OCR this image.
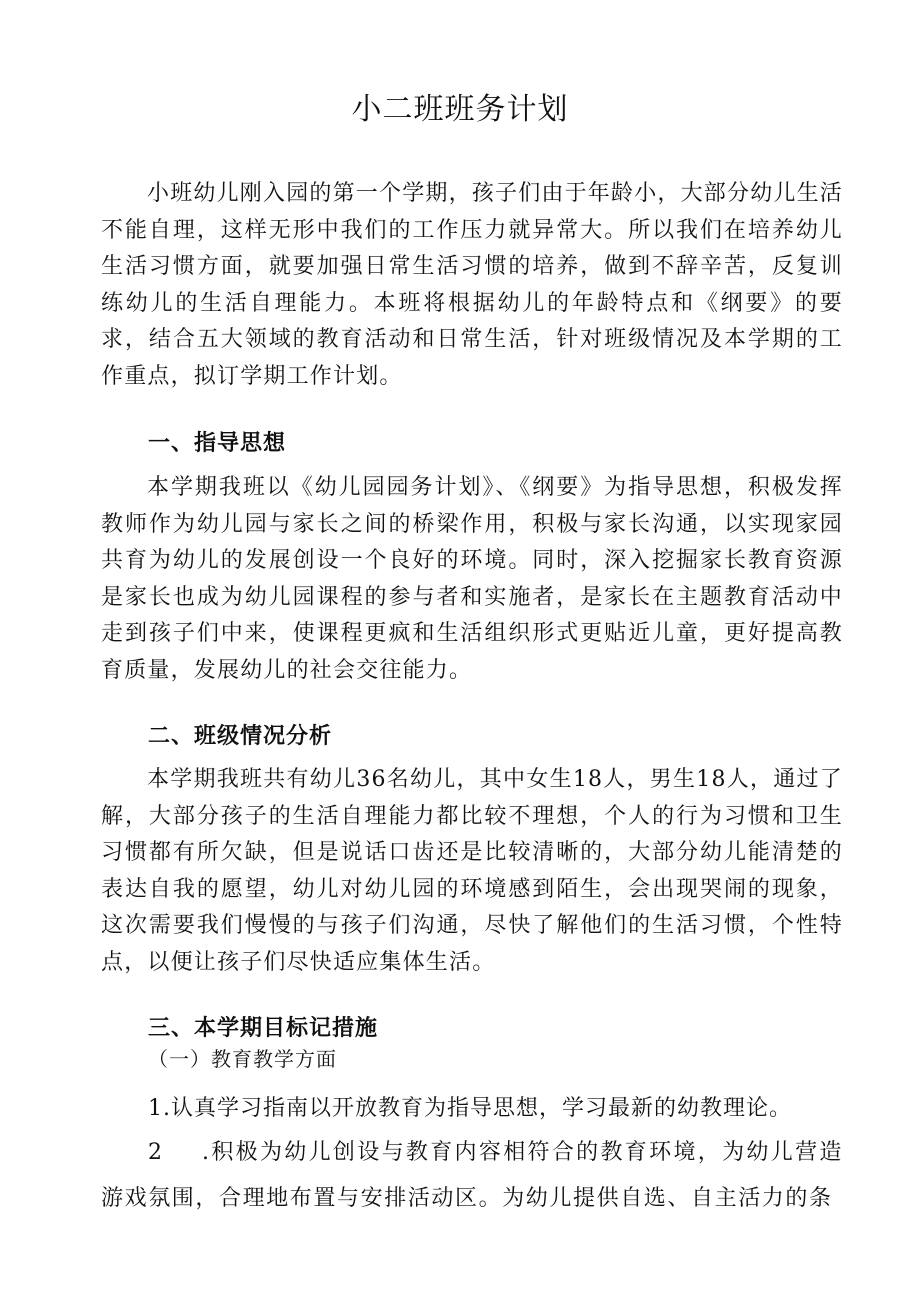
小二班班务计划

小班幼儿刚入园的第一个学期，孩子们由于年龄小，大部分幼儿生活不能自理，这样无形中我们的工作压力就异常大。所以我们在培养幼儿生活习惯方面，就要加强日常生活习惯的培养，做到不辞辛苦，反复训练幼儿的生活自理能力。本班将根据幼儿的年龄特点和《纲要》的要求，结合五大领域的教育活动和日常生活，针对班级情况及本学期的工作重点，拟订学期工作计划。

一、指导思想

本学期我班以《幼儿园园务计划》、《纲要》为指导思想，积极发挥教师作为幼儿园与家长之间的桥梁作用，积极与家长沟通，以实现家园共育为幼儿的发展创设一个良好的环境。同时，深入挖掘家长教育资源是家长也成为幼儿园课程的参与者和实施者，是家长在主题教育活动中走到孩子们中来，使课程更疯和生活组织形式更贴近儿童，更好提高教育质量，发展幼儿的社会交往能力。

二、班级情况分析

本学期我班共有幼儿36名幼儿，其中女生18人，男生18人，通过了解，大部分孩子的生活自理能力都比较不理想，个人的行为习惯和卫生习惯都有所欠缺，但是说话口齿还是比较清晰的，大部分幼儿能清楚的表达自我的愿望，幼儿对幼儿园的环境感到陌生，会出现哭闹的现象，这次需要我们慢慢的与孩子们沟通，尽快了解他们的生活习惯，个性特点，以便让孩子们尽快适应集体生活。

三、本学期目标记措施

（一）教育教学方面

1.认真学习指南以开放教育为指导思想，学习最新的幼教理论。

2 .积极为幼儿创设与教育内容相符合的教育环境，为幼儿营造游戏氛围，合理地布置与安排活动区。为幼儿提供自选、自主活力的条
